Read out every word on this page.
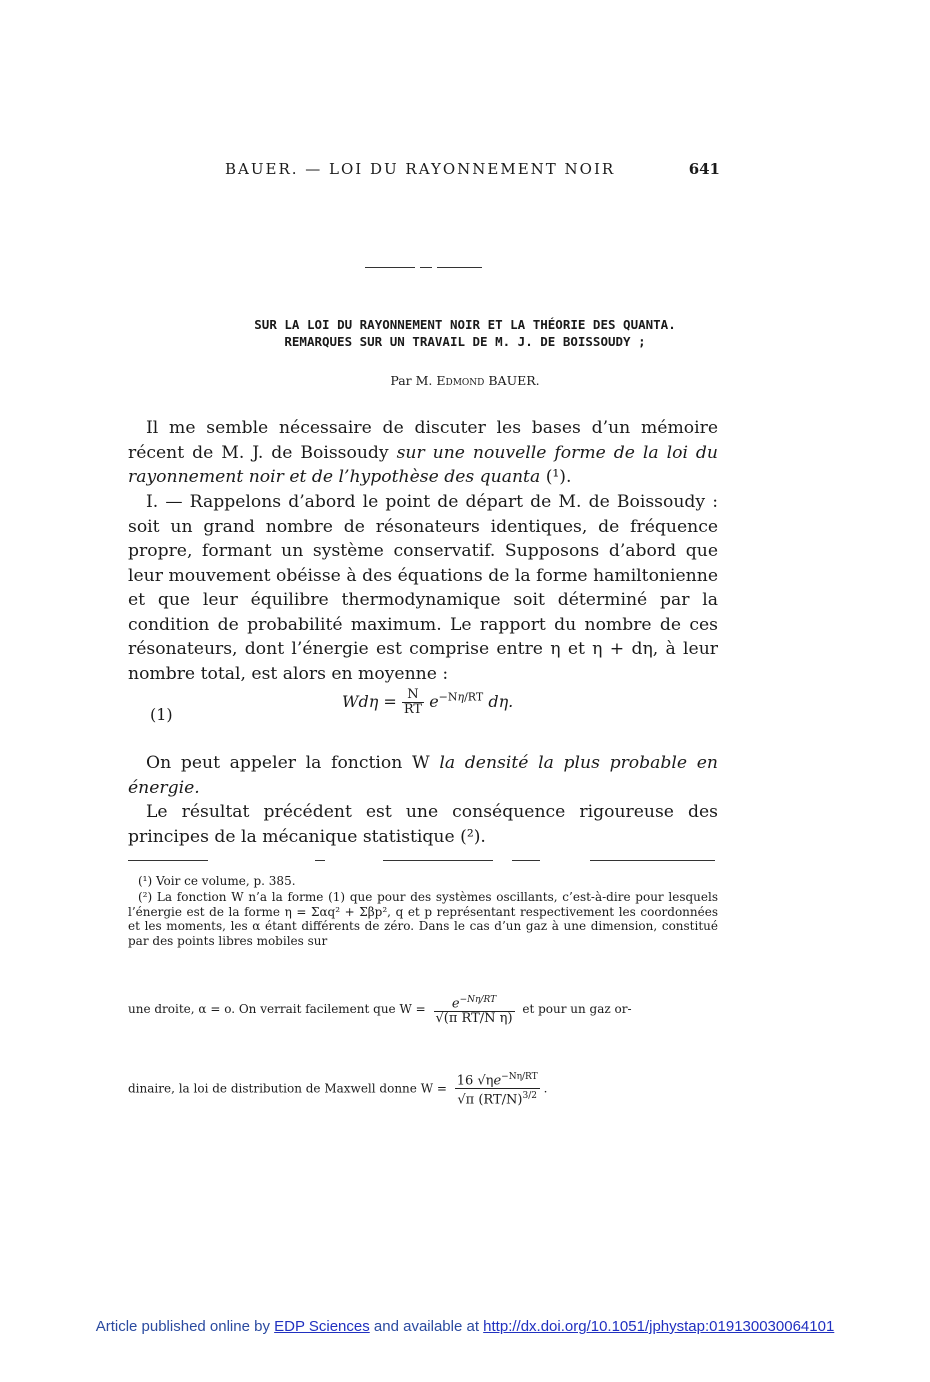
BAUER. — LOI DU RAYONNEMENT NOIR	641
SUR LA LOI DU RAYONNEMENT NOIR ET LA THÉORIE DES QUANTA.
REMARQUES SUR UN TRAVAIL DE M. J. DE BOISSOUDY ;
Par M. Edmond BAUER.
Il me semble nécessaire de discuter les bases d’un mémoire récent de M. J. de Boissoudy sur une nouvelle forme de la loi du rayonnement noir et de l’hypothèse des quanta (¹).
I. — Rappelons d’abord le point de départ de M. de Boissoudy : soit un grand nombre de résonateurs identiques, de fréquence propre, formant un système conservatif. Supposons d’abord que leur mouvement obéisse à des équations de la forme hamiltonienne et que leur équilibre thermodynamique soit déterminé par la condition de probabilité maximum. Le rapport du nombre de ces résonateurs, dont l’énergie est comprise entre η et η + dη, à leur nombre total, est alors en moyenne :
(1)
$Wd\eta = \frac{N}{RT} e^{-N\eta/RT}$ dη.
On peut appeler la fonction W la densité la plus probable en énergie.
Le résultat précédent est une conséquence rigoureuse des principes de la mécanique statistique (²).
(¹) Voir ce volume, p. 385.
(²) La fonction W n’a la forme (1) que pour des systèmes oscillants, c’est-à-dire pour lesquels l’énergie est de la forme η = Σαq² + Σβp², q et p représentant respectivement les coordonnées et les moments, les α étant différents de zéro. Dans le cas d’un gaz à une dimension, constitué par des points libres mobiles sur
une droite, α = o. On verrait facilement que $W = \frac{e^{-N\eta/RT}}{\text{√(π RT/N η)}}$ et pour un gaz or-
dinaire, la loi de distribution de Maxwell donne $W = \frac{16 √\eta e^{-N\eta/RT}}{√\pi (RT/N)^{3/2}}$ .
Article published online by EDP Sciences and available at http://dx.doi.org/10.1051/jphystap:019130030064101
